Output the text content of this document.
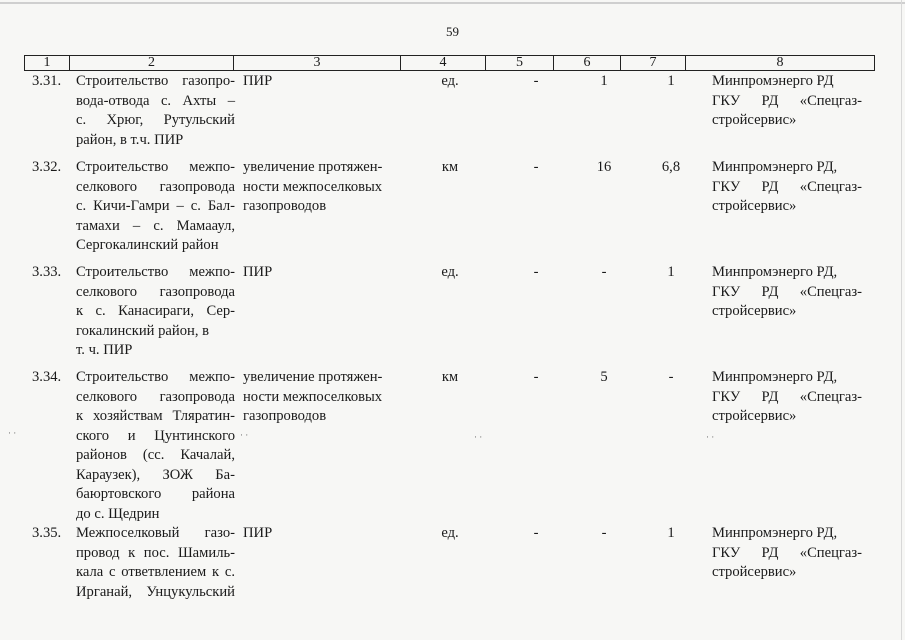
59
1	2	3	4	5	6	7	8
3.31. Строительство газопро-
вода-отвода с. Ахты –
с. Хрюг, Рутульский
район, в т.ч. ПИР
ПИР	ед.	-	1	1	Минпромэнерго РД
ГКУ РД «Спецгаз-
стройсервис»
3.32. Строительство межпо-
селкового газопровода
с. Кичи-Гамри – с. Бал-
тамахи – с. Мамааул,
Сергокалинский район
увеличение протяжен-
ности межпоселковых
газопроводов
км	-	16	6,8	Минпромэнерго РД,
ГКУ РД «Спецгаз-
стройсервис»
3.33. Строительство межпо-
селкового газопровода
к с. Канасираги, Сер-
гокалинский район, в
т. ч. ПИР
ПИР	ед.	-	-	1	Минпромэнерго РД,
ГКУ РД «Спецгаз-
стройсервис»
3.34. Строительство межпо-
селкового газопровода
к хозяйствам Тляратин-
ского и Цунтинского
районов (сс. Качалай,
Караузек), ЗОЖ Ба-
баюртовского района
до с. Щедрин
увеличение протяжен-
ности межпоселковых
газопроводов
км	-	5	-	Минпромэнерго РД,
ГКУ РД «Спецгаз-
стройсервис»
3.35. Межпоселковый газо-
провод к пос. Шамиль-
кала с ответвлением к с.
Ирганай, Унцукульский
ПИР	ед.	-	-	1	Минпромэнерго РД,
ГКУ РД «Спецгаз-
стройсервис»
· ·	· ·	· ·	· ·
